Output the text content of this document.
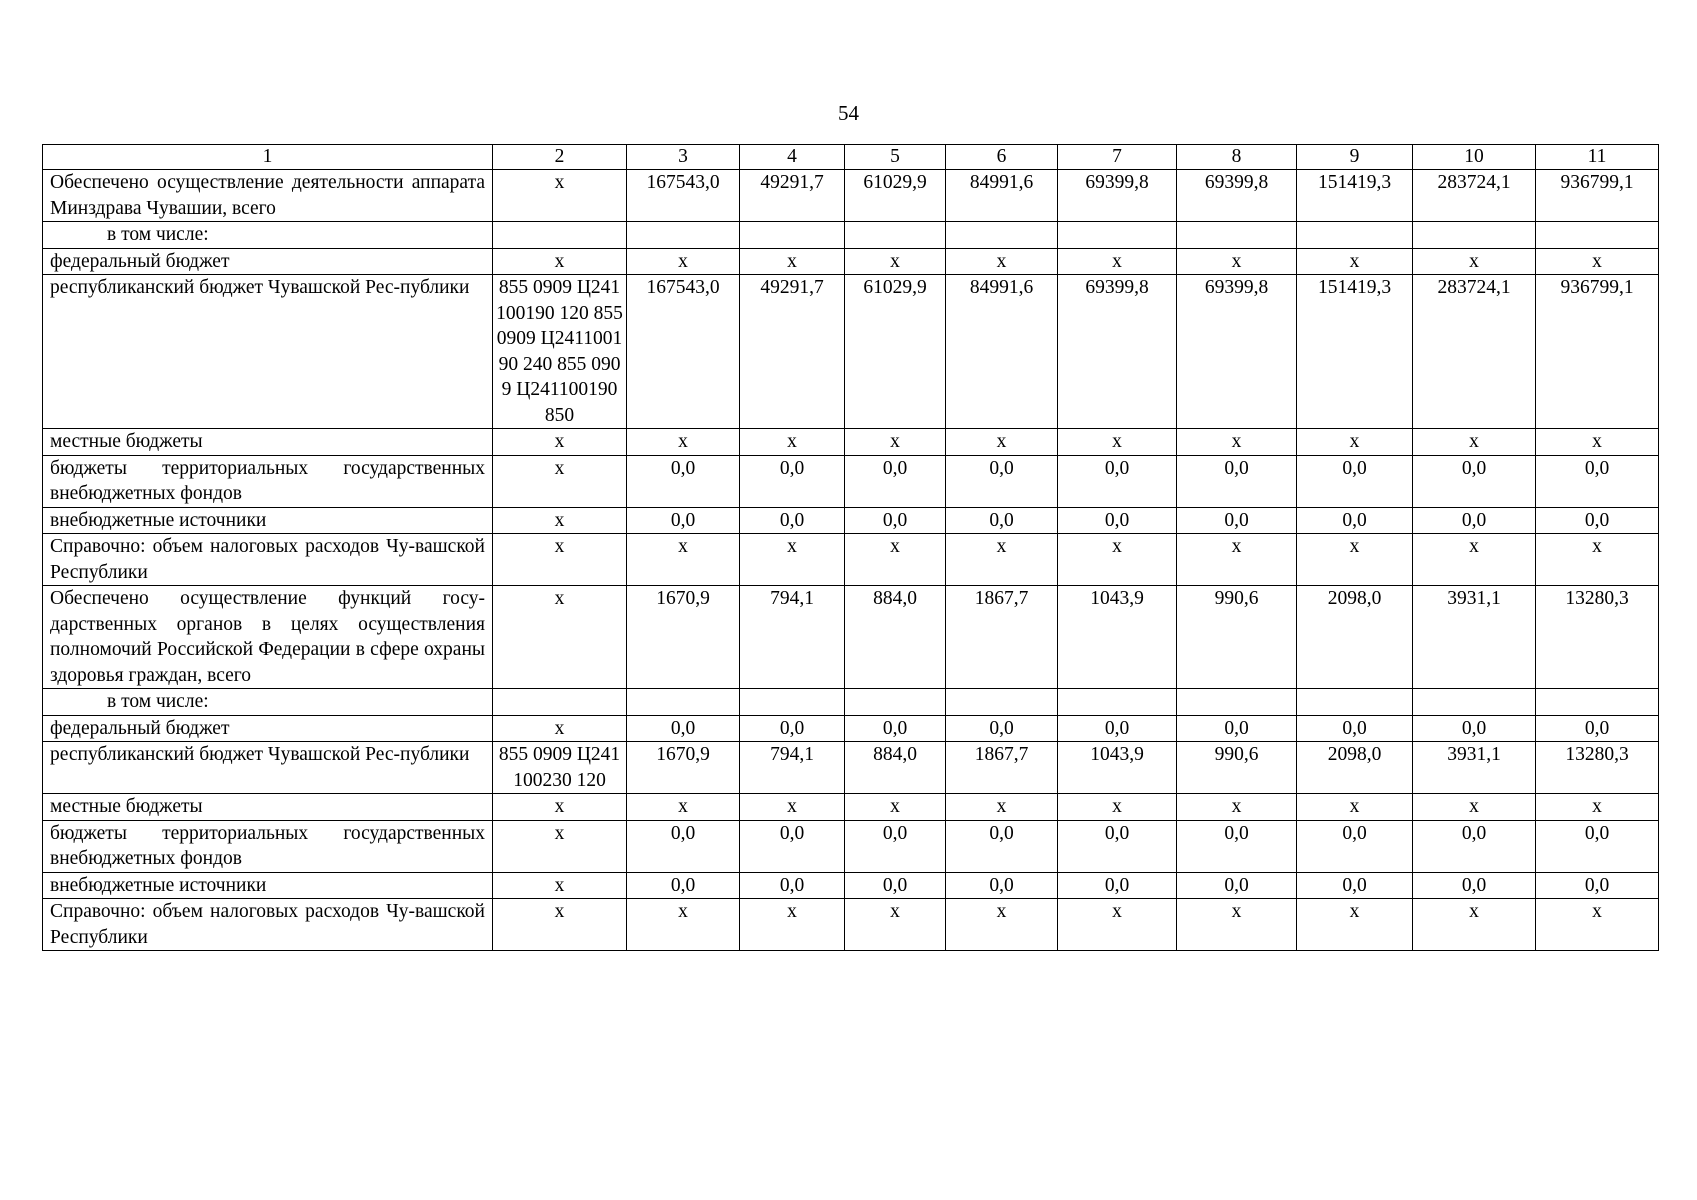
54
1	2	3	4	5	6	7	8	9	10	11
Обеспечено осуществление деятельности аппарата Минздрава Чувашии, всего	x	167543,0	49291,7	61029,9	84991,6	69399,8	69399,8	151419,3	283724,1	936799,1
в том числе:										
федеральный бюджет	x	x	x	x	x	x	x	x	x	x
республиканский бюджет Чувашской Рес-публики	855 0909 Ц241100190 120 855 0909 Ц241100190 240 855 0909 Ц241100190 850	167543,0	49291,7	61029,9	84991,6	69399,8	69399,8	151419,3	283724,1	936799,1
местные бюджеты	x	x	x	x	x	x	x	x	x	x
бюджеты территориальных государственных внебюджетных фондов	x	0,0	0,0	0,0	0,0	0,0	0,0	0,0	0,0	0,0
внебюджетные источники	x	0,0	0,0	0,0	0,0	0,0	0,0	0,0	0,0	0,0
Справочно: объем налоговых расходов Чу-вашской Республики	x	x	x	x	x	x	x	x	x	x
Обеспечено осуществление функций госу-дарственных органов в целях осуществления полномочий Российской Федерации в сфере охраны здоровья граждан, всего	x	1670,9	794,1	884,0	1867,7	1043,9	990,6	2098,0	3931,1	13280,3
в том числе:										
федеральный бюджет	x	0,0	0,0	0,0	0,0	0,0	0,0	0,0	0,0	0,0
республиканский бюджет Чувашской Рес-публики	855 0909 Ц241100230 120	1670,9	794,1	884,0	1867,7	1043,9	990,6	2098,0	3931,1	13280,3
местные бюджеты	x	x	x	x	x	x	x	x	x	x
бюджеты территориальных государственных внебюджетных фондов	x	0,0	0,0	0,0	0,0	0,0	0,0	0,0	0,0	0,0
внебюджетные источники	x	0,0	0,0	0,0	0,0	0,0	0,0	0,0	0,0	0,0
Справочно: объем налоговых расходов Чу-вашской Республики	x	x	x	x	x	x	x	x	x	x
